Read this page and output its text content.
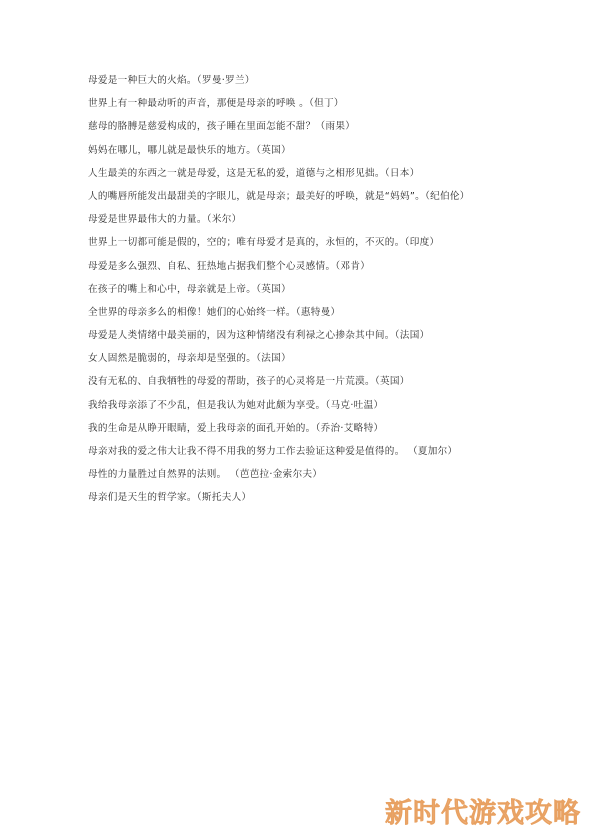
母爱是一种巨大的火焰。（罗曼·罗兰）
世界上有一种最动听的声音，那便是母亲的呼唤 。（但丁）
慈母的胳膊是慈爱构成的，孩子睡在里面怎能不甜？（雨果）
妈妈在哪儿，哪儿就是最快乐的地方。（英国）
人生最美的东西之一就是母爱，这是无私的爱，道德与之相形见拙。（日本）
人的嘴唇所能发出最甜美的字眼儿，就是母亲；最美好的呼唤，就是“妈妈”。（纪伯伦）
母爱是世界最伟大的力量。（米尔）
世界上一切都可能是假的，空的；唯有母爱才是真的，永恒的，不灭的。（印度）
母爱是多么强烈、自私、狂热地占据我们整个心灵感情。（邓肯）
在孩子的嘴上和心中，母亲就是上帝。（英国）
全世界的母亲多么的相像！她们的心始终一样。（惠特曼）
母爱是人类情绪中最美丽的，因为这种情绪没有利禄之心掺杂其中间。（法国）
女人固然是脆弱的，母亲却是坚强的。（法国）
没有无私的、自我牺牲的母爱的帮助，孩子的心灵将是一片荒漠。（英国）
我给我母亲添了不少乱，但是我认为她对此颇为享受。（马克·吐温）
我的生命是从睁开眼睛，爱上我母亲的面孔开始的。（乔治·艾略特）
母亲对我的爱之伟大让我不得不用我的努力工作去验证这种爱是值得的。 （夏加尔）
母性的力量胜过自然界的法则。 （芭芭拉·金索尔夫）
母亲们是天生的哲学家。（斯托夫人）
新时代游戏攻略
